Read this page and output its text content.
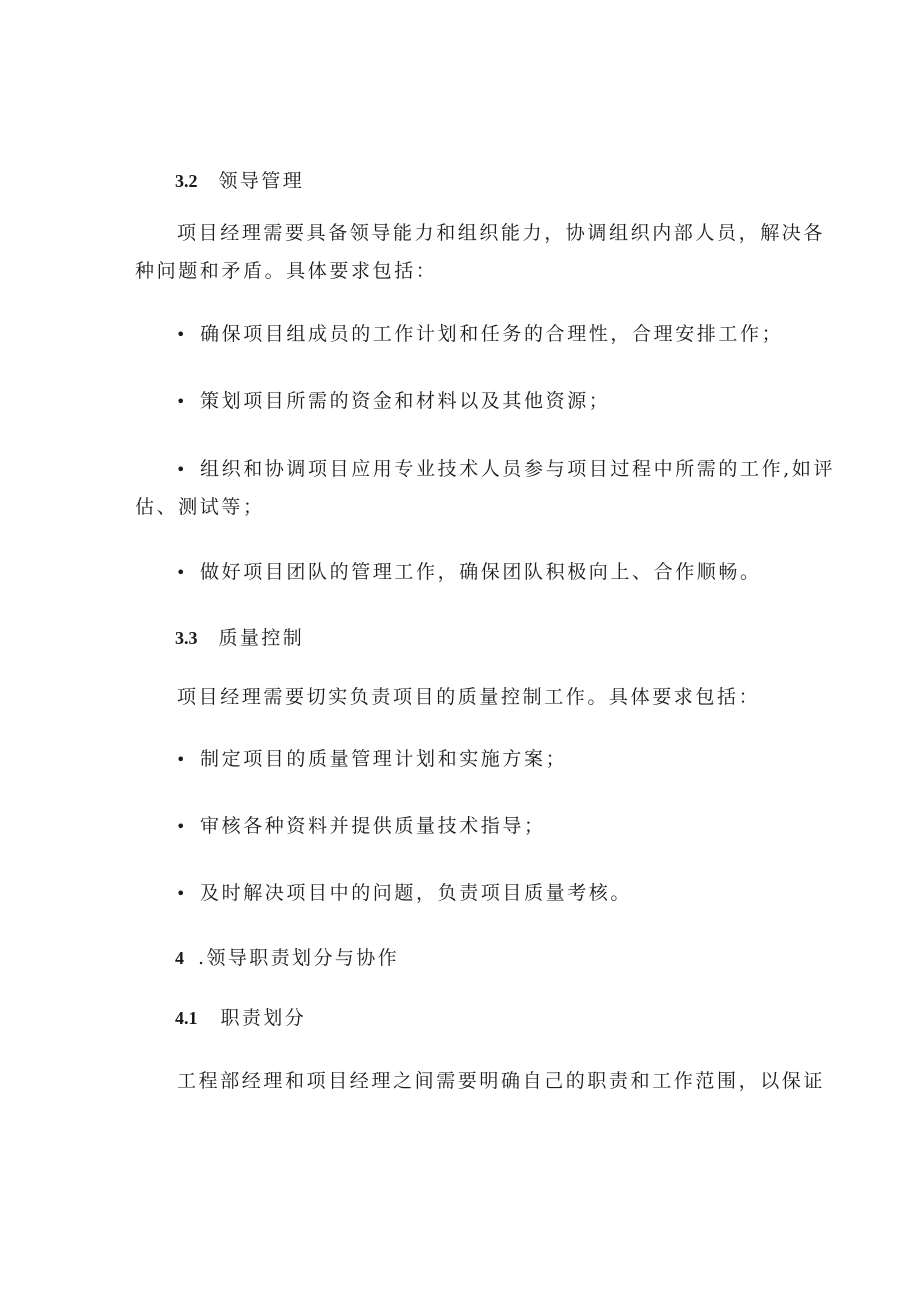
3.2 领导管理
项目经理需要具备领导能力和组织能力，协调组织内部人员，解决各
种问题和矛盾。具体要求包括：
• 确保项目组成员的工作计划和任务的合理性，合理安排工作；
• 策划项目所需的资金和材料以及其他资源；
• 组织和协调项目应用专业技术人员参与项目过程中所需的工作,如评
估、测试等；
• 做好项目团队的管理工作，确保团队积极向上、合作顺畅。
3.3 质量控制
项目经理需要切实负责项目的质量控制工作。具体要求包括：
• 制定项目的质量管理计划和实施方案；
• 审核各种资料并提供质量技术指导；
• 及时解决项目中的问题，负责项目质量考核。
4 .领导职责划分与协作
4.1 职责划分
工程部经理和项目经理之间需要明确自己的职责和工作范围，以保证
